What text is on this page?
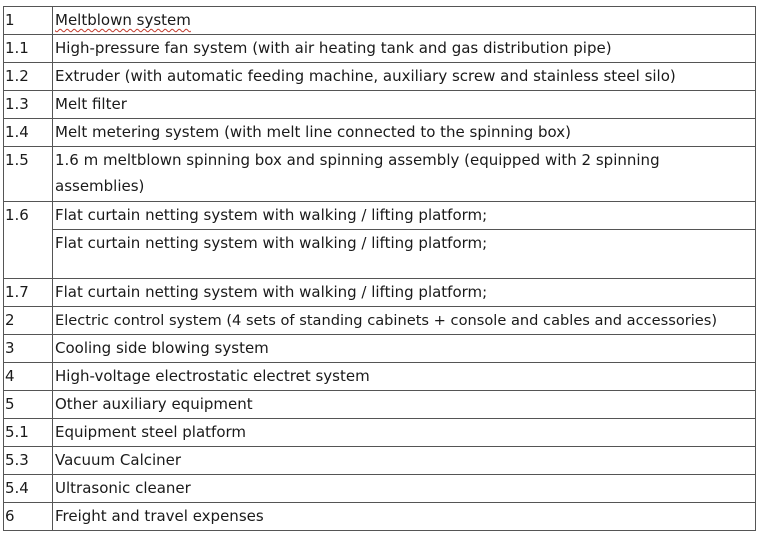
1	Meltblown system
1.1	High-pressure fan system (with air heating tank and gas distribution pipe)
1.2	Extruder (with automatic feeding machine, auxiliary screw and stainless steel silo)
1.3	Melt filter
1.4	Melt metering system (with melt line connected to the spinning box)
1.5	1.6 m meltblown spinning box and spinning assembly (equipped with 2 spinning
assemblies)

1.6	Flat curtain netting system with walking / lifting platform;
Flat curtain netting system with walking / lifting platform;

1.7	Flat curtain netting system with walking / lifting platform;
2	Electric control system (4 sets of standing cabinets + console and cables and accessories)
3	Cooling side blowing system
4	High-voltage electrostatic electret system
5	Other auxiliary equipment
5.1	Equipment steel platform
5.3	Vacuum Calciner
5.4	Ultrasonic cleaner
6	Freight and travel expenses
